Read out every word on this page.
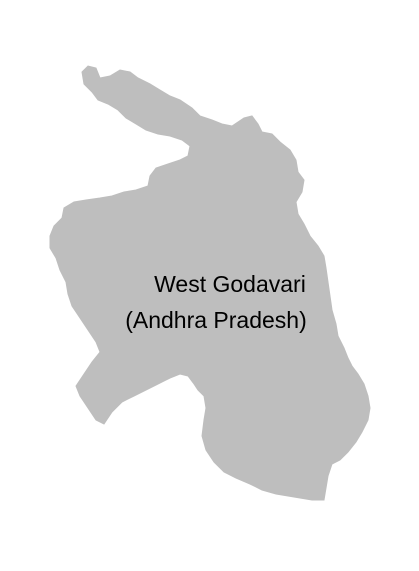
West Godavari
(Andhra Pradesh)
